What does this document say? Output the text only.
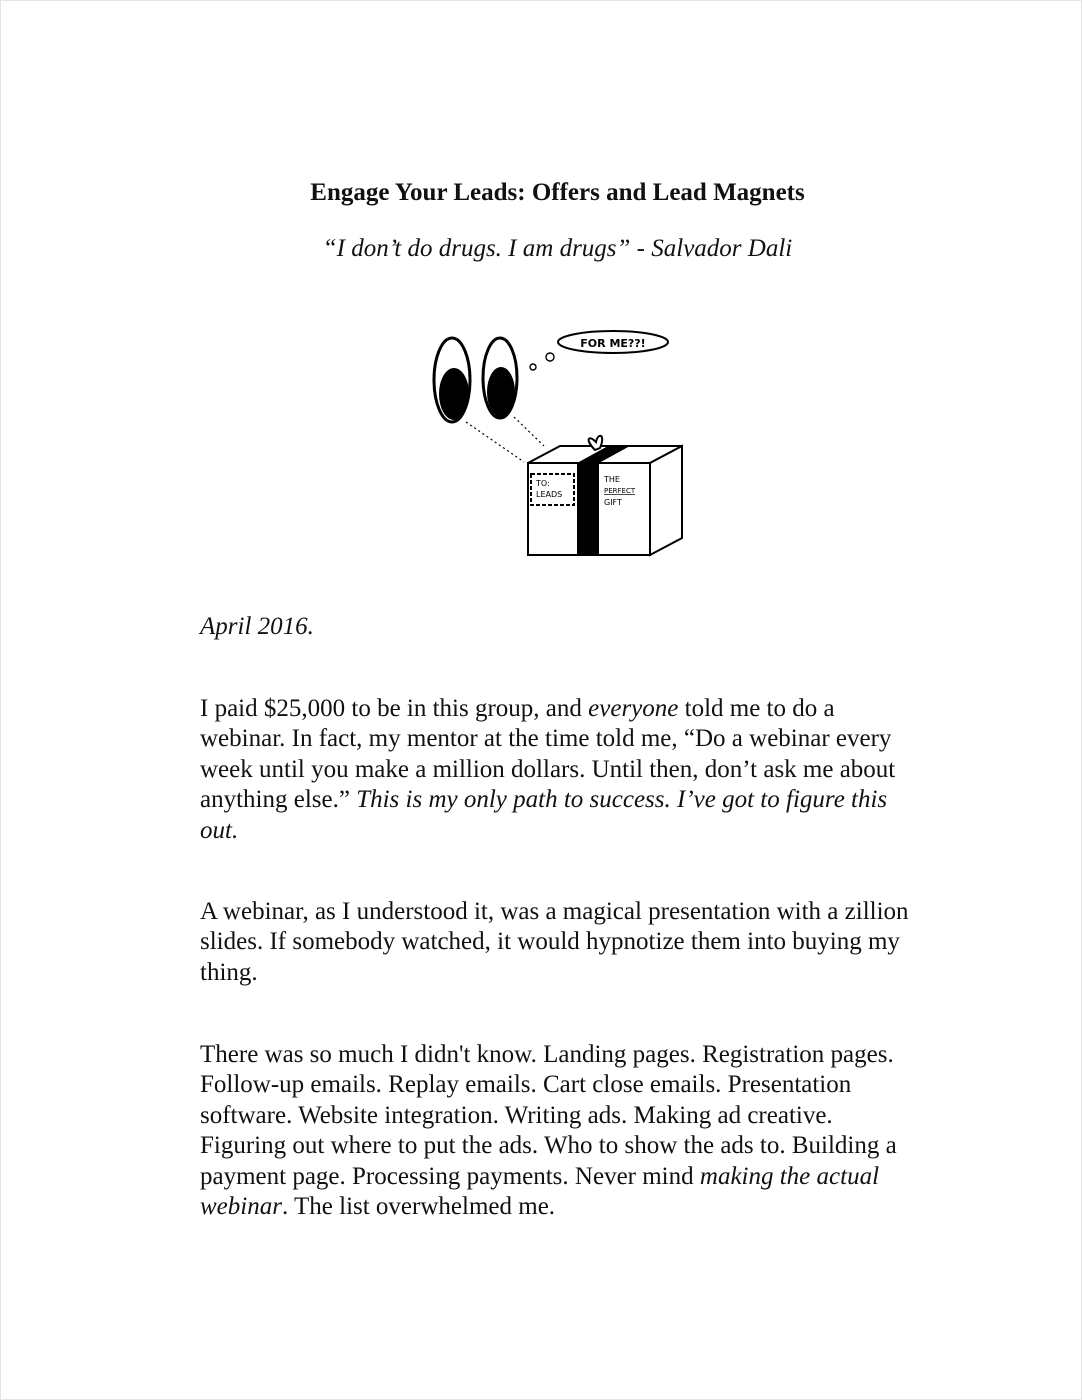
Engage Your Leads: Offers and Lead Magnets

“I don’t do drugs. I am drugs” - Salvador Dali

FOR ME??!
TO:
LEADS
THE
PERFECT
GIFT

April 2016.

I paid $25,000 to be in this group, and everyone told me to do a webinar. In fact, my mentor at the time told me, “Do a webinar every week until you make a million dollars. Until then, don’t ask me about anything else.” This is my only path to success. I’ve got to figure this out.

A webinar, as I understood it, was a magical presentation with a zillion slides. If somebody watched, it would hypnotize them into buying my thing.

There was so much I didn't know. Landing pages. Registration pages. Follow-up emails. Replay emails. Cart close emails. Presentation software. Website integration. Writing ads. Making ad creative. Figuring out where to put the ads. Who to show the ads to. Building a payment page. Processing payments. Never mind making the actual webinar. The list overwhelmed me.
